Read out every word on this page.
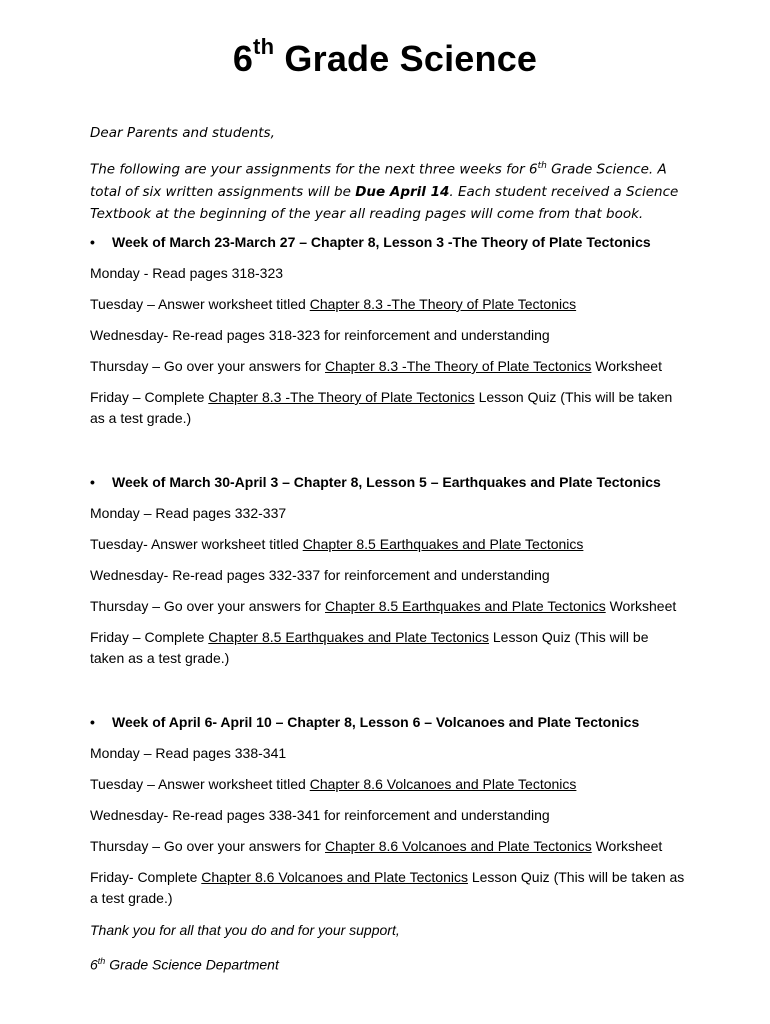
6th Grade Science
Dear Parents and students,
The following are your assignments for the next three weeks for 6th Grade Science. A total of six written assignments will be Due April 14. Each student received a Science Textbook at the beginning of the year all reading pages will come from that book.
• Week of March 23-March 27 – Chapter 8, Lesson 3 -The Theory of Plate Tectonics
Monday - Read pages 318-323
Tuesday – Answer worksheet titled Chapter 8.3 -The Theory of Plate Tectonics
Wednesday- Re-read pages 318-323 for reinforcement and understanding
Thursday – Go over your answers for Chapter 8.3 -The Theory of Plate Tectonics Worksheet
Friday – Complete Chapter 8.3 -The Theory of Plate Tectonics Lesson Quiz (This will be taken as a test grade.)
• Week of March 30-April 3 – Chapter 8, Lesson 5 – Earthquakes and Plate Tectonics
Monday – Read pages 332-337
Tuesday- Answer worksheet titled Chapter 8.5 Earthquakes and Plate Tectonics
Wednesday- Re-read pages 332-337 for reinforcement and understanding
Thursday – Go over your answers for Chapter 8.5 Earthquakes and Plate Tectonics Worksheet
Friday – Complete Chapter 8.5 Earthquakes and Plate Tectonics Lesson Quiz (This will be taken as a test grade.)
• Week of April 6- April 10 – Chapter 8, Lesson 6 – Volcanoes and Plate Tectonics
Monday – Read pages 338-341
Tuesday – Answer worksheet titled Chapter 8.6 Volcanoes and Plate Tectonics
Wednesday- Re-read pages 338-341 for reinforcement and understanding
Thursday – Go over your answers for Chapter 8.6 Volcanoes and Plate Tectonics Worksheet
Friday- Complete Chapter 8.6 Volcanoes and Plate Tectonics Lesson Quiz (This will be taken as a test grade.)
Thank you for all that you do and for your support,
6th Grade Science Department
